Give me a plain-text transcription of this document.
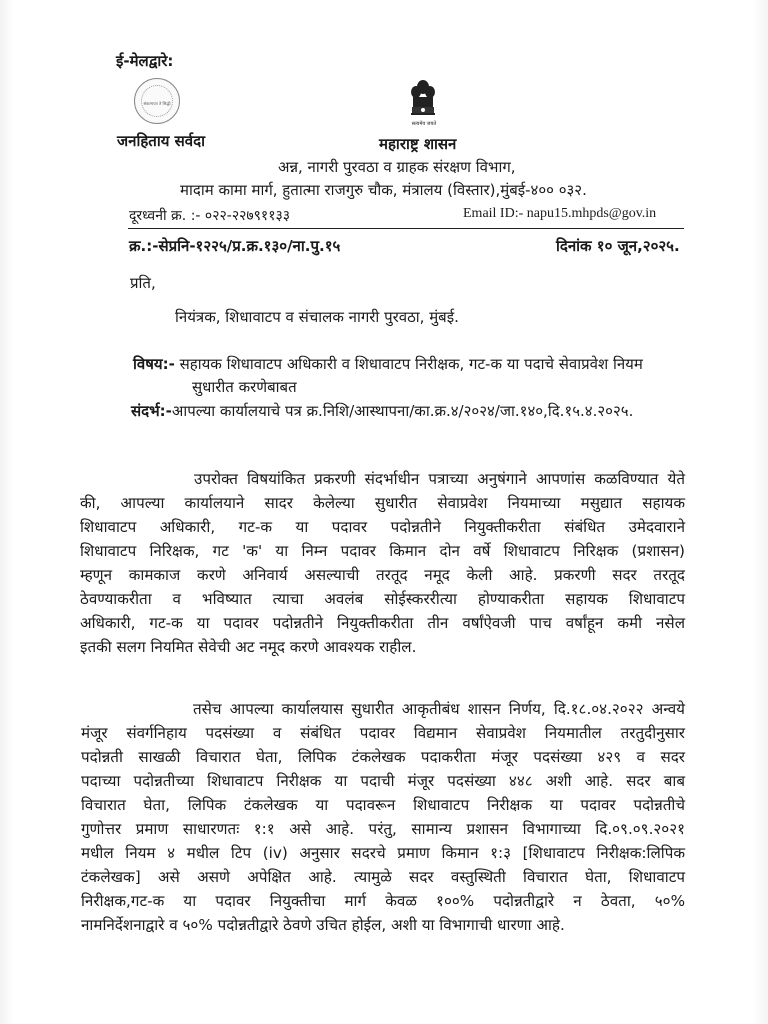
ई-मेलद्वारे:
संकल्पपत्र ते सिद्धी
सत्यमेव जयते
जनहिताय सर्वदा	महाराष्ट्र शासन
अन्न, नागरी पुरवठा व ग्राहक संरक्षण विभाग,
मादाम कामा मार्ग, हुतात्मा राजगुरु चौक, मंत्रालय (विस्तार),मुंबई-४०० ०३२.
दूरध्वनी क्र. :- ०२२-२२७९११३३	Email ID:- napu15.mhpds@gov.in
क्र.:-सेप्रनि-१२२५/प्र.क्र.१३०/ना.पु.१५	दिनांक १० जून,२०२५.
प्रति,
नियंत्रक, शिधावाटप व संचालक नागरी पुरवठा, मुंबई.
विषय:- सहायक शिधावाटप अधिकारी व शिधावाटप निरीक्षक, गट-क या पदाचे सेवाप्रवेश नियम
सुधारीत करणेबाबत
संदर्भ:-आपल्या कार्यालयाचे पत्र क्र.निशि/आस्थापना/का.क्र.४/२०२४/जा.१४०,दि.१५.४.२०२५.
उपरोक्त विषयांकित प्रकरणी संदर्भाधीन पत्राच्या अनुषंगाने आपणांस कळविण्यात येते
की, आपल्या कार्यालयाने सादर केलेल्या सुधारीत सेवाप्रवेश नियमाच्या मसुद्यात सहायक
शिधावाटप अधिकारी, गट-क या पदावर पदोन्नतीने नियुक्तीकरीता संबंधित उमेदवाराने
शिधावाटप निरिक्षक, गट 'क' या निम्न पदावर किमान दोन वर्षे शिधावाटप निरिक्षक (प्रशासन)
म्हणून कामकाज करणे अनिवार्य असल्याची तरतूद नमूद केली आहे. प्रकरणी सदर तरतूद
ठेवण्याकरीता व भविष्यात त्याचा अवलंब सोईस्कररीत्या होण्याकरीता सहायक शिधावाटप
अधिकारी, गट-क या पदावर पदोन्नतीने नियुक्तीकरीता तीन वर्षांऐवजी पाच वर्षांहून कमी नसेल
इतकी सलग नियमित सेवेची अट नमूद करणे आवश्यक राहील.
तसेच आपल्या कार्यालयास सुधारीत आकृतीबंध शासन निर्णय, दि.१८.०४.२०२२ अन्वये
मंजूर संवर्गनिहाय पदसंख्या व संबंधित पदावर विद्यमान सेवाप्रवेश नियमातील तरतुदीनुसार
पदोन्नती साखळी विचारात घेता, लिपिक टंकलेखक पदाकरीता मंजूर पदसंख्या ४२९ व सदर
पदाच्या पदोन्नतीच्या शिधावाटप निरीक्षक या पदाची मंजूर पदसंख्या ४४८ अशी आहे. सदर बाब
विचारात घेता, लिपिक टंकलेखक या पदावरून शिधावाटप निरीक्षक या पदावर पदोन्नतीचे
गुणोत्तर प्रमाण साधारणतः १:१ असे आहे. परंतु, सामान्य प्रशासन विभागाच्या दि.०९.०९.२०२१
मधील नियम ४ मधील टिप (iv) अनुसार सदरचे प्रमाण किमान १:३ [शिधावाटप निरीक्षक:लिपिक
टंकलेखक] असे असणे अपेक्षित आहे. त्यामुळे सदर वस्तुस्थिती विचारात घेता, शिधावाटप
निरीक्षक,गट-क या पदावर नियुक्तीचा मार्ग केवळ १००% पदोन्नतीद्वारे न ठेवता, ५०%
नामनिर्देशनाद्वारे व ५०% पदोन्नतीद्वारे ठेवणे उचित होईल, अशी या विभागाची धारणा आहे.
